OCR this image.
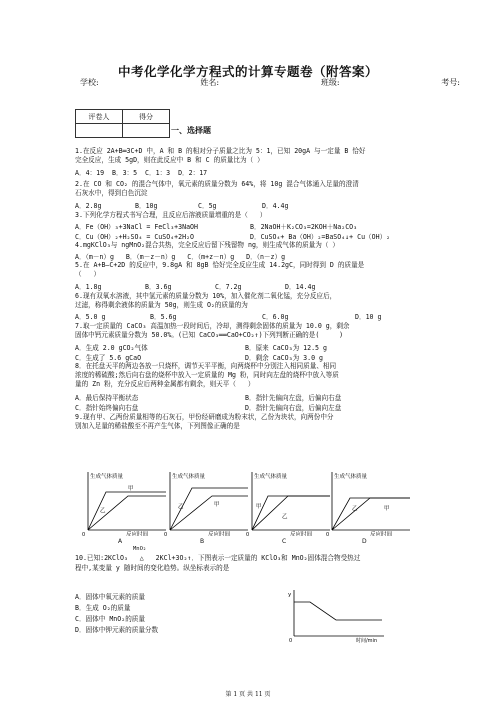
中考化学化学方程式的计算专题卷（附答案）
学校:	姓名:	班级:	考号:
评卷人	得分

一、选择题
1.在反应 2A+B═3C+D 中，A 和 B 的相对分子质量之比为 5：1，已知 20gA 与一定量 B 恰好
完全反应，生成 5gD，则在此反应中 B 和 C 的质量比为（ ）
A．4：19  B．3：5  C．1：3  D．2：17
2.在 CO 和 CO₂ 的混合气体中，氧元素的质量分数为 64%，将 10g 混合气体通入足量的澄清
石灰水中，得到白色沉淀
A．2.8g	B．10g	C．5g	D．4.4g
3.下列化学方程式书写合理，且反应后溶液质量增重的是（   ）
A．Fe（OH）₃+3NaCl = FeCl₃+3NaOH	B．2NaOH＋K₂CO₃=2KOH＋Na₂CO₃
C．Cu（OH）₂+H₂SO₄ = CuSO₄+2H₂O	D．CuSO₄+ Ba（OH）₂=BaSO₄↓+ Cu（OH）₂
4.mgKClO₃与 ngMnO₂混合共热，完全反应后留下残留物 ng，则生成气体的质量为（ ）
A．（m－n）g   B．（m－z－n）g   C．（m+z－n）g   D．（n－z）g
5.在 A+B—C+2D 的反应中，9.8gA 和 8gB 恰好完全反应生成 14.2gC，同时得到 D 的质量是
（   ）
A．1.8g	B．3.6g	C．7.2g	D．14.4g
6.现有双氧水溶液，其中氢元素的质量分数为 10%，加入催化剂二氧化锰，充分反应后，
过滤，称得剩余液体的质量为 50g，则生成 O₂的质量的为
A．5.0 g	B．5.6g	C．6.0g	D．10 g
7.取一定质量的 CaCO₃ 高温加热一段时间后，冷却，测得剩余固体的质量为 10.0 g，剩余
固体中钙元素质量分数为 50.0%。(已知 CaCO₃══CaO+CO₂↑)下列判断正确的是(     )
A．生成 2.0 gCO₂气体	B．原来 CaCO₃为 12.5 g
C．生成了 5.6 gCaO	D．剩余 CaCO₃为 3.0 g
8．在托盘天平的两边各放一只烧杯，调节天平平衡，向两烧杯中分别注入相同质量、相同
浓度的稀硫酸;然后向右盘的烧杯中放入一定质量的 Mg 粉，同时向左盘的烧杯中放入等质
量的 Zn 粉，充分反应后两种金属都有剩余，则天平（   ）
A．最后保持平衡状态	B．指针先偏向左盘，后偏向右盘
C．指针始终偏向右盘	D．指针先偏向右盘，后偏向左盘
9.现有甲、乙两份质量相等的石灰石，甲份经研磨成为粉末状，乙份为块状，向两份中分
别加入足量的稀盐酸至不再产生气体，下列图像正确的是
生成气体质量
甲
乙
0	反应时间
生成气体质量
乙	甲
0	反应时间
生成气体质量
甲
乙
0	反应时间
生成气体质量
乙	甲
0	反应时间
A	B	C	D
MnO₂
10.已知:2KClO₃   △   2KCl+3O₂↑．下图表示一定质量的 KClO₃和 MnO₂固体混合物受热过
程中,某变量 y 随时间的变化趋势。纵坐标表示的是
A．固体中氧元素的质量
B．生成 O₂的质量
C．固体中 MnO₂的质量
D．固体中钾元素的质量分数
y
0	时间/min
第 1 页 共 11 页
